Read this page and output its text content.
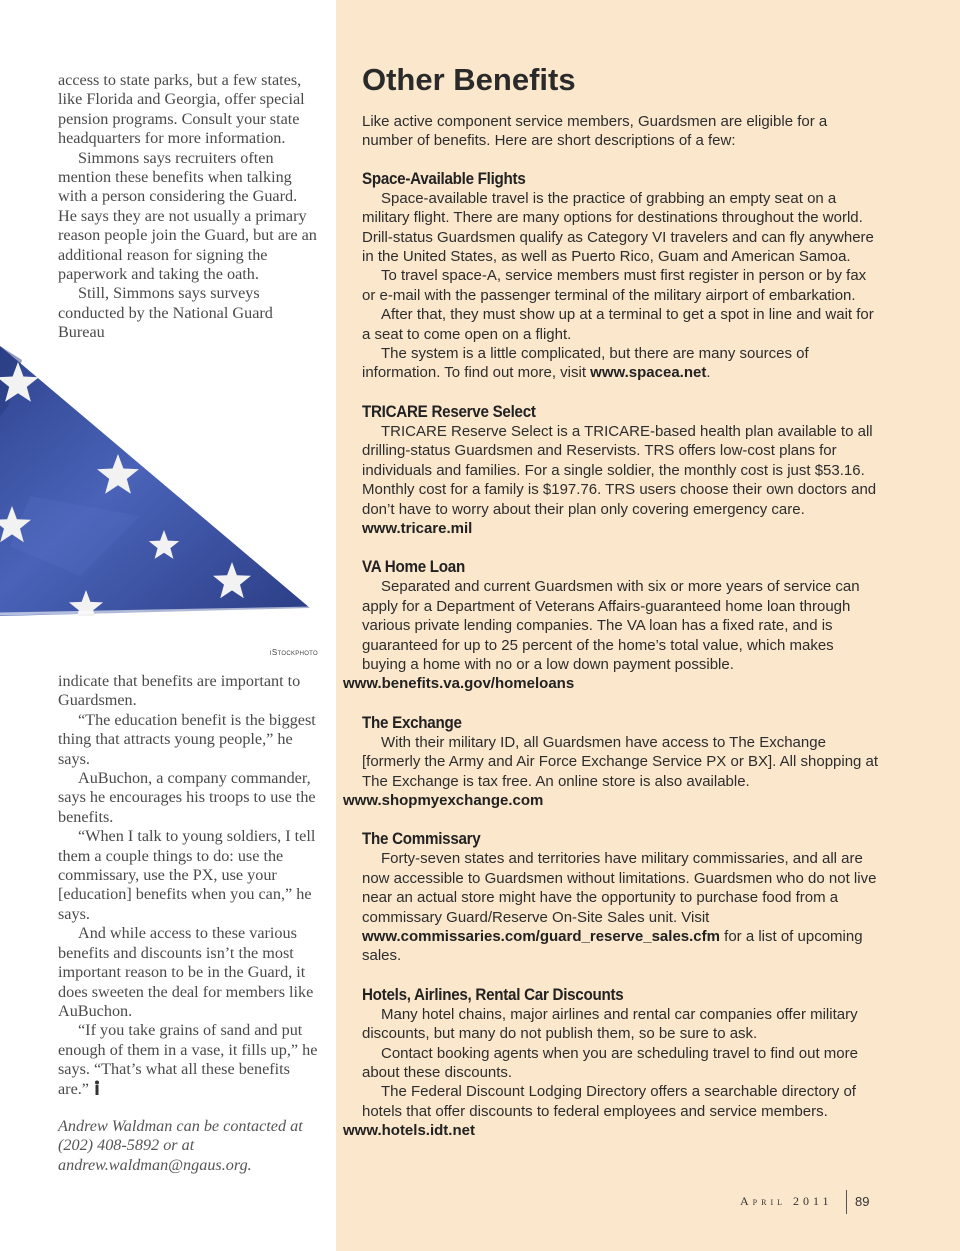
access to state parks, but a few states, like Florida and Georgia, offer special pension programs. Consult your state headquarters for more information.

Simmons says recruiters often mention these benefits when talking with a person considering the Guard. He says they are not usually a primary reason people join the Guard, but are an additional reason for signing the paperwork and taking the oath.

Still, Simmons says surveys conducted by the National Guard Bureau

iStockphoto

indicate that benefits are important to Guardsmen.

“The education benefit is the biggest thing that attracts young people,” he says.

AuBuchon, a company commander, says he encourages his troops to use the benefits.

“When I talk to young soldiers, I tell them a couple things to do: use the commissary, use the PX, use your [education] benefits when you can,” he says.

And while access to these various benefits and discounts isn’t the most important reason to be in the Guard, it does sweeten the deal for members like AuBuchon.

“If you take grains of sand and put enough of them in a vase, it fills up,” he says. “That’s what all these benefits are.”

Andrew Waldman can be contacted at (202) 408-5892 or at andrew.waldman@ngaus.org.
Other Benefits

Like active component service members, Guardsmen are eligible for a number of benefits. Here are short descriptions of a few:

Space-Available Flights

Space-available travel is the practice of grabbing an empty seat on a military flight. There are many options for destinations throughout the world. Drill-status Guardsmen qualify as Category VI travelers and can fly anywhere in the United States, as well as Puerto Rico, Guam and American Samoa.

To travel space-A, service members must first register in person or by fax or e-mail with the passenger terminal of the military airport of embarkation.

After that, they must show up at a terminal to get a spot in line and wait for a seat to come open on a flight.

The system is a little complicated, but there are many sources of information. To find out more, visit www.spacea.net.

TRICARE Reserve Select

TRICARE Reserve Select is a TRICARE-based health plan available to all drilling-status Guardsmen and Reservists. TRS offers low-cost plans for individuals and families. For a single soldier, the monthly cost is just $53.16. Monthly cost for a family is $197.76. TRS users choose their own doctors and don’t have to worry about their plan only covering emergency care. www.tricare.mil

VA Home Loan

Separated and current Guardsmen with six or more years of service can apply for a Department of Veterans Affairs-guaranteed home loan through various private lending companies. The VA loan has a fixed rate, and is guaranteed for up to 25 percent of the home’s total value, which makes buying a home with no or a low down payment possible.
www.benefits.va.gov/homeloans

The Exchange

With their military ID, all Guardsmen have access to The Exchange [formerly the Army and Air Force Exchange Service PX or BX]. All shopping at The Exchange is tax free. An online store is also available.
www.shopmyexchange.com

The Commissary

Forty-seven states and territories have military commissaries, and all are now accessible to Guardsmen without limitations. Guardsmen who do not live near an actual store might have the opportunity to purchase food from a commissary Guard/Reserve On-Site Sales unit. Visit www.commissaries.com/guard_reserve_sales.cfm for a list of upcoming sales.

Hotels, Airlines, Rental Car Discounts

Many hotel chains, major airlines and rental car companies offer military discounts, but many do not publish them, so be sure to ask.

Contact booking agents when you are scheduling travel to find out more about these discounts.

The Federal Discount Lodging Directory offers a searchable directory of hotels that offer discounts to federal employees and service members.
www.hotels.idt.net

April 2011 89
